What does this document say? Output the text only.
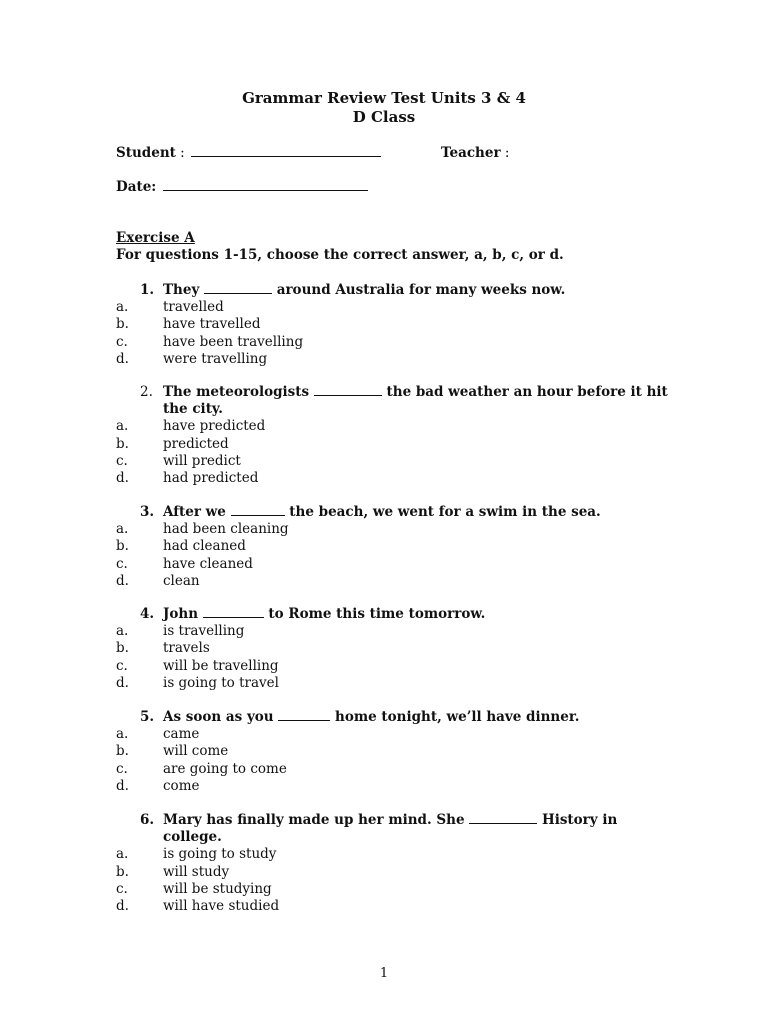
Grammar Review Test Units 3 & 4
D Class
Student :	Teacher :
Date:
Exercise A
For questions 1-15, choose the correct answer, a, b, c, or d.
1. They	around Australia for many weeks now.
a.	travelled
b.	have travelled
c.	have been travelling
d.	were travelling
2. The meteorologists	the bad weather an hour before it hit the city.
a.	have predicted
b.	predicted
c.	will predict
d.	had predicted
3. After we	the beach, we went for a swim in the sea.
a.	had been cleaning
b.	had cleaned
c.	have cleaned
d.	clean
4. John	to Rome this time tomorrow.
a.	is travelling
b.	travels
c.	will be travelling
d.	is going to travel
5. As soon as you	home tonight, we’ll have dinner.
a.	came
b.	will come
c.	are going to come
d.	come
6. Mary has finally made up her mind. She	History in college.
a.	is going to study
b.	will study
c.	will be studying
d.	will have studied
1
